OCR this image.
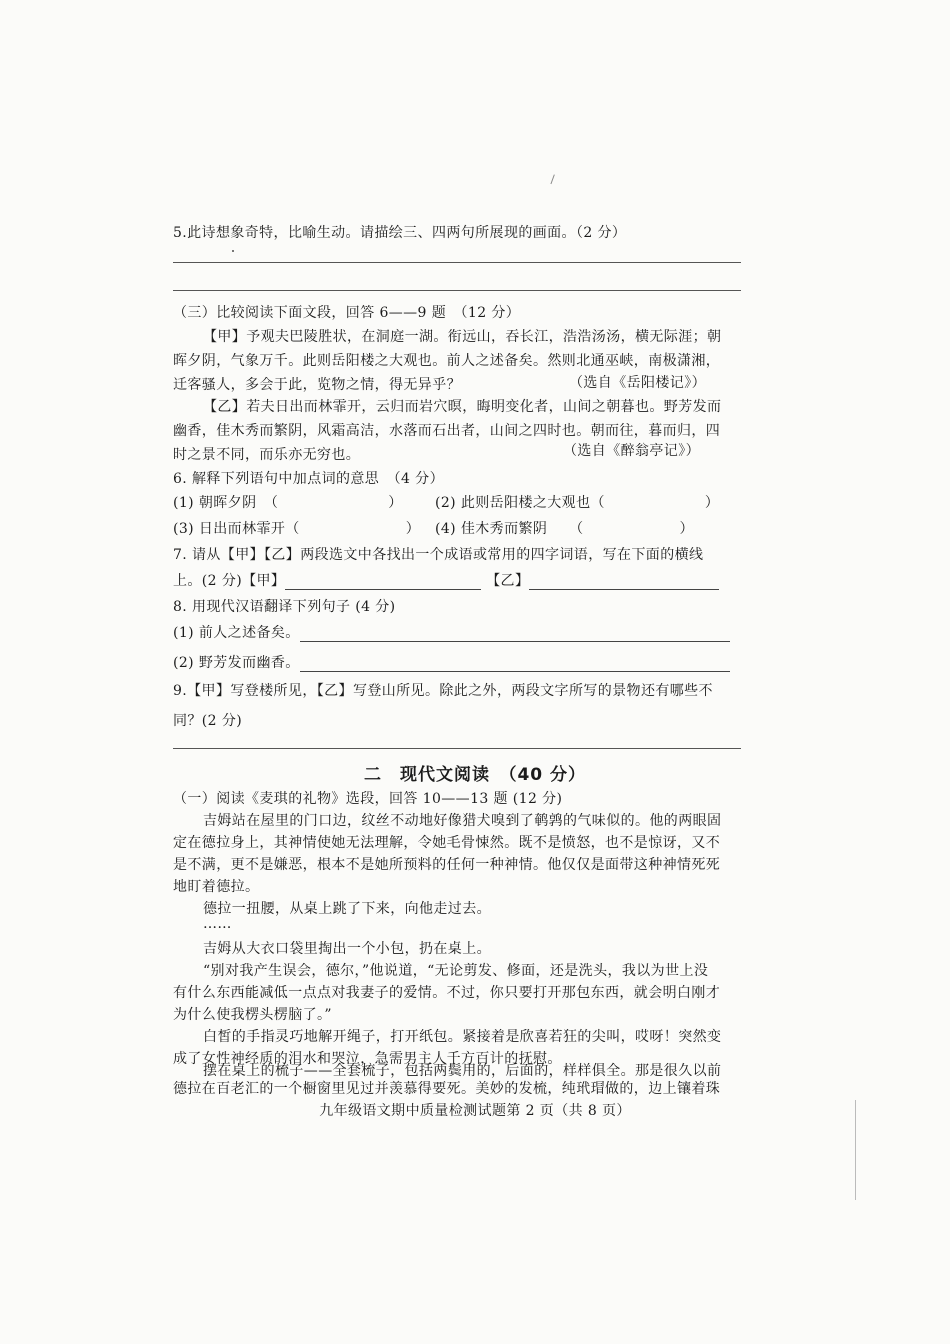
5.此诗想象奇特，比喻生动。请描绘三、四两句所展现的画面。（2 分）
（三）比较阅读下面文段，回答 6——9 题　（12 分）
【甲】予观夫巴陵胜状，在洞庭一湖。衔远山，吞长江，浩浩汤汤，横无际涯；朝
晖夕阴，气象万千。此则岳阳楼之大观也。前人之述备矣。然则北通巫峡，南极潇湘，
迁客骚人，多会于此，览物之情，得无异乎？	（选自《岳阳楼记》）
【乙】若夫日出而林霏开，云归而岩穴暝，晦明变化者，山间之朝暮也。野芳发而
幽香，佳木秀而繁阴，风霜高洁，水落而石出者，山间之四时也。朝而往，暮而归，四
时之景不同，而乐亦无穷也。	（选自《醉翁亭记》）
6. 解释下列语句中加点词的意思　（4 分）
(1) 朝晖夕阴　（	） (2) 此则岳阳楼之大观也（	）
(3) 日出而林霏开（	） (4) 佳木秀而繁阴　　（	）
7. 请从【甲】【乙】两段选文中各找出一个成语或常用的四字词语，写在下面的横线
上。(2 分)【甲】	【乙】
8. 用现代汉语翻译下列句子 (4 分)
(1) 前人之述备矣。
(2) 野芳发而幽香。
9.【甲】写登楼所见，【乙】写登山所见。除此之外，两段文字所写的景物还有哪些不
同？(2 分)
二　现代文阅读　（40 分）
（一）阅读《麦琪的礼物》选段，回答 10——13 题 (12 分)
吉姆站在屋里的门口边，纹丝不动地好像猎犬嗅到了鹌鹑的气味似的。他的两眼固
定在德拉身上，其神情使她无法理解，令她毛骨悚然。既不是愤怒，也不是惊讶，又不
是不满，更不是嫌恶，根本不是她所预料的任何一种神情。他仅仅是面带这种神情死死
地盯着德拉。
德拉一扭腰，从桌上跳了下来，向他走过去。
……
吉姆从大衣口袋里掏出一个小包，扔在桌上。
“别对我产生误会，德尔，”他说道，“无论剪发、修面，还是洗头，我以为世上没
有什么东西能减低一点点对我妻子的爱情。不过，你只要打开那包东西，就会明白刚才
为什么使我楞头楞脑了。”
白皙的手指灵巧地解开绳子，打开纸包。紧接着是欣喜若狂的尖叫，哎呀！突然变
成了女性神经质的泪水和哭泣，急需男主人千方百计的抚慰。
摆在桌上的梳子——全套梳子，包括两鬓用的，后面的，样样俱全。那是很久以前
德拉在百老汇的一个橱窗里见过并羡慕得要死。美妙的发梳，纯玳瑁做的，边上镶着珠
九年级语文期中质量检测试题第 2 页（共 8 页）
